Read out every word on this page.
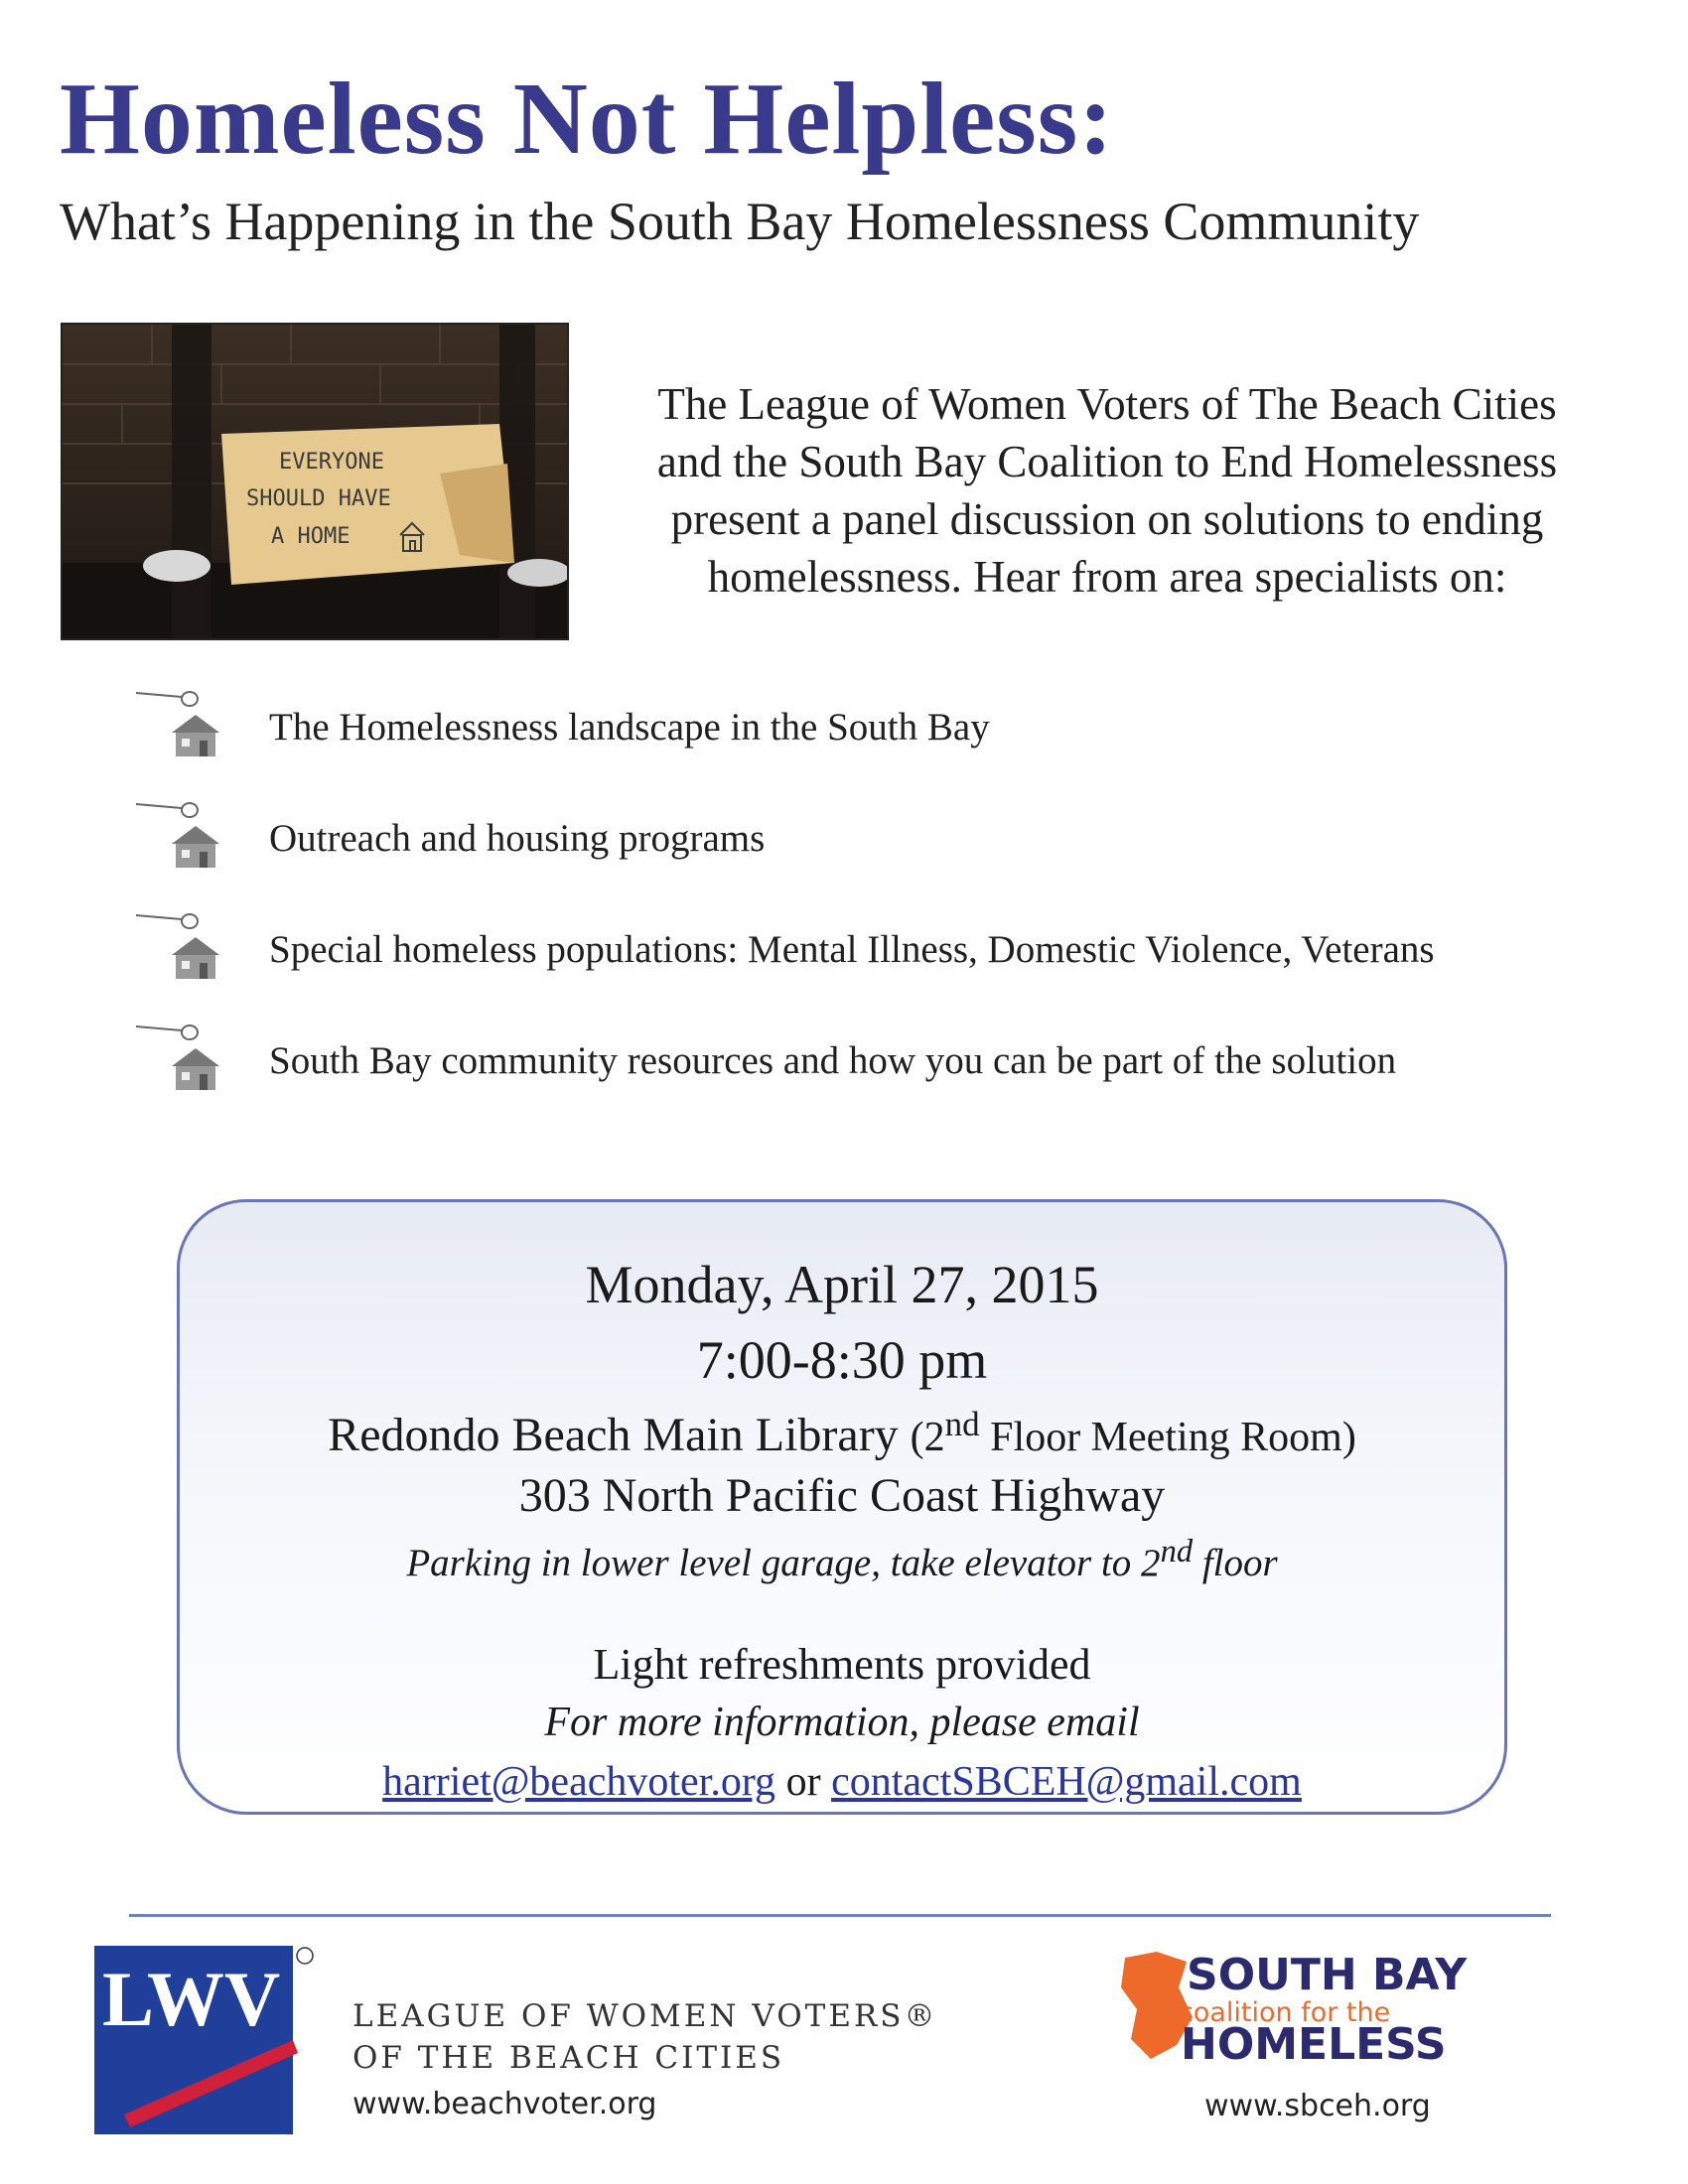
Homeless Not Helpless:
What’s Happening in the South Bay Homelessness Community
EVERYONE
SHOULD HAVE
A HOME
The League of Women Voters of The Beach Cities
and the South Bay Coalition to End Homelessness
present a panel discussion on solutions to ending
homelessness. Hear from area specialists on:
The Homelessness landscape in the South Bay
Outreach and housing programs
Special homeless populations: Mental Illness, Domestic Violence, Veterans
South Bay community resources and how you can be part of the solution
Monday, April 27, 2015
7:00-8:30 pm
Redondo Beach Main Library (2nd Floor Meeting Room)
303 North Pacific Coast Highway
Parking in lower level garage, take elevator to 2nd floor
Light refreshments provided
For more information, please email
harriet@beachvoter.org or contactSBCEH@gmail.com
LWV LEAGUE OF WOMEN VOTERS®
OF THE BEACH CITIES
www.beachvoter.org
SOUTH BAY
coalition for the
HOMELESS
www.sbceh.org
